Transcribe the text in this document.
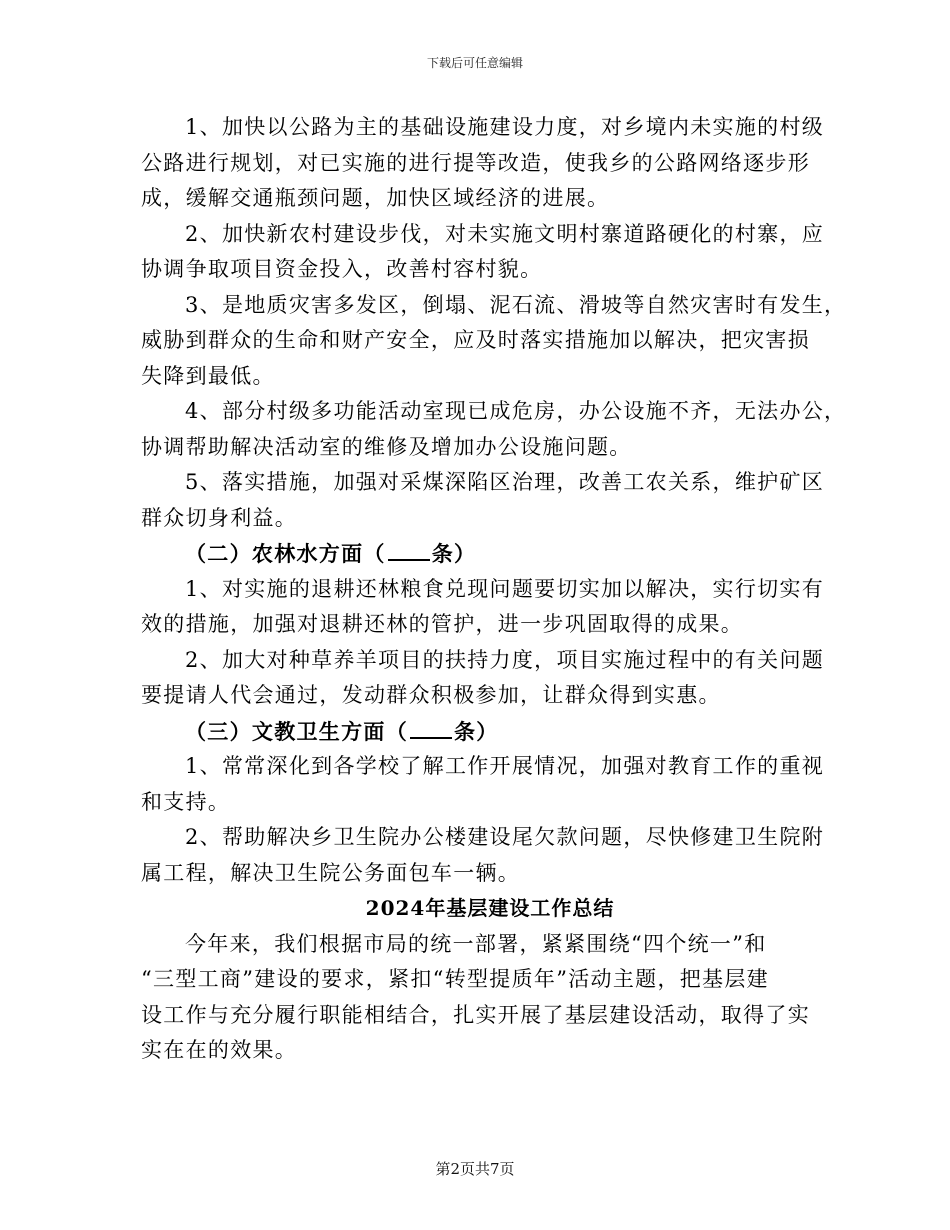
下载后可任意编辑

1、加快以公路为主的基础设施建设力度，对乡境内未实施的村级
公路进行规划，对已实施的进行提等改造，使我乡的公路网络逐步形
成，缓解交通瓶颈问题，加快区域经济的进展。

2、加快新农村建设步伐，对未实施文明村寨道路硬化的村寨，应
协调争取项目资金投入，改善村容村貌。

3、是地质灾害多发区，倒塌、泥石流、滑坡等自然灾害时有发生，
威胁到群众的生命和财产安全，应及时落实措施加以解决，把灾害损
失降到最低。

4、部分村级多功能活动室现已成危房，办公设施不齐，无法办公，
协调帮助解决活动室的维修及增加办公设施问题。

5、落实措施，加强对采煤深陷区治理，改善工农关系，维护矿区
群众切身利益。

（二）农林水方面（ 条）

1、对实施的退耕还林粮食兑现问题要切实加以解决，实行切实有
效的措施，加强对退耕还林的管护，进一步巩固取得的成果。

2、加大对种草养羊项目的扶持力度，项目实施过程中的有关问题
要提请人代会通过，发动群众积极参加，让群众得到实惠。

（三）文教卫生方面（ 条）

1、常常深化到各学校了解工作开展情况，加强对教育工作的重视
和支持。

2、帮助解决乡卫生院办公楼建设尾欠款问题，尽快修建卫生院附
属工程，解决卫生院公务面包车一辆。

2024年基层建设工作总结

今年来，我们根据市局的统一部署，紧紧围绕“四个统一”和
“三型工商”建设的要求，紧扣“转型提质年”活动主题，把基层建
设工作与充分履行职能相结合，扎实开展了基层建设活动，取得了实
实在在的效果。

第2页共7页
